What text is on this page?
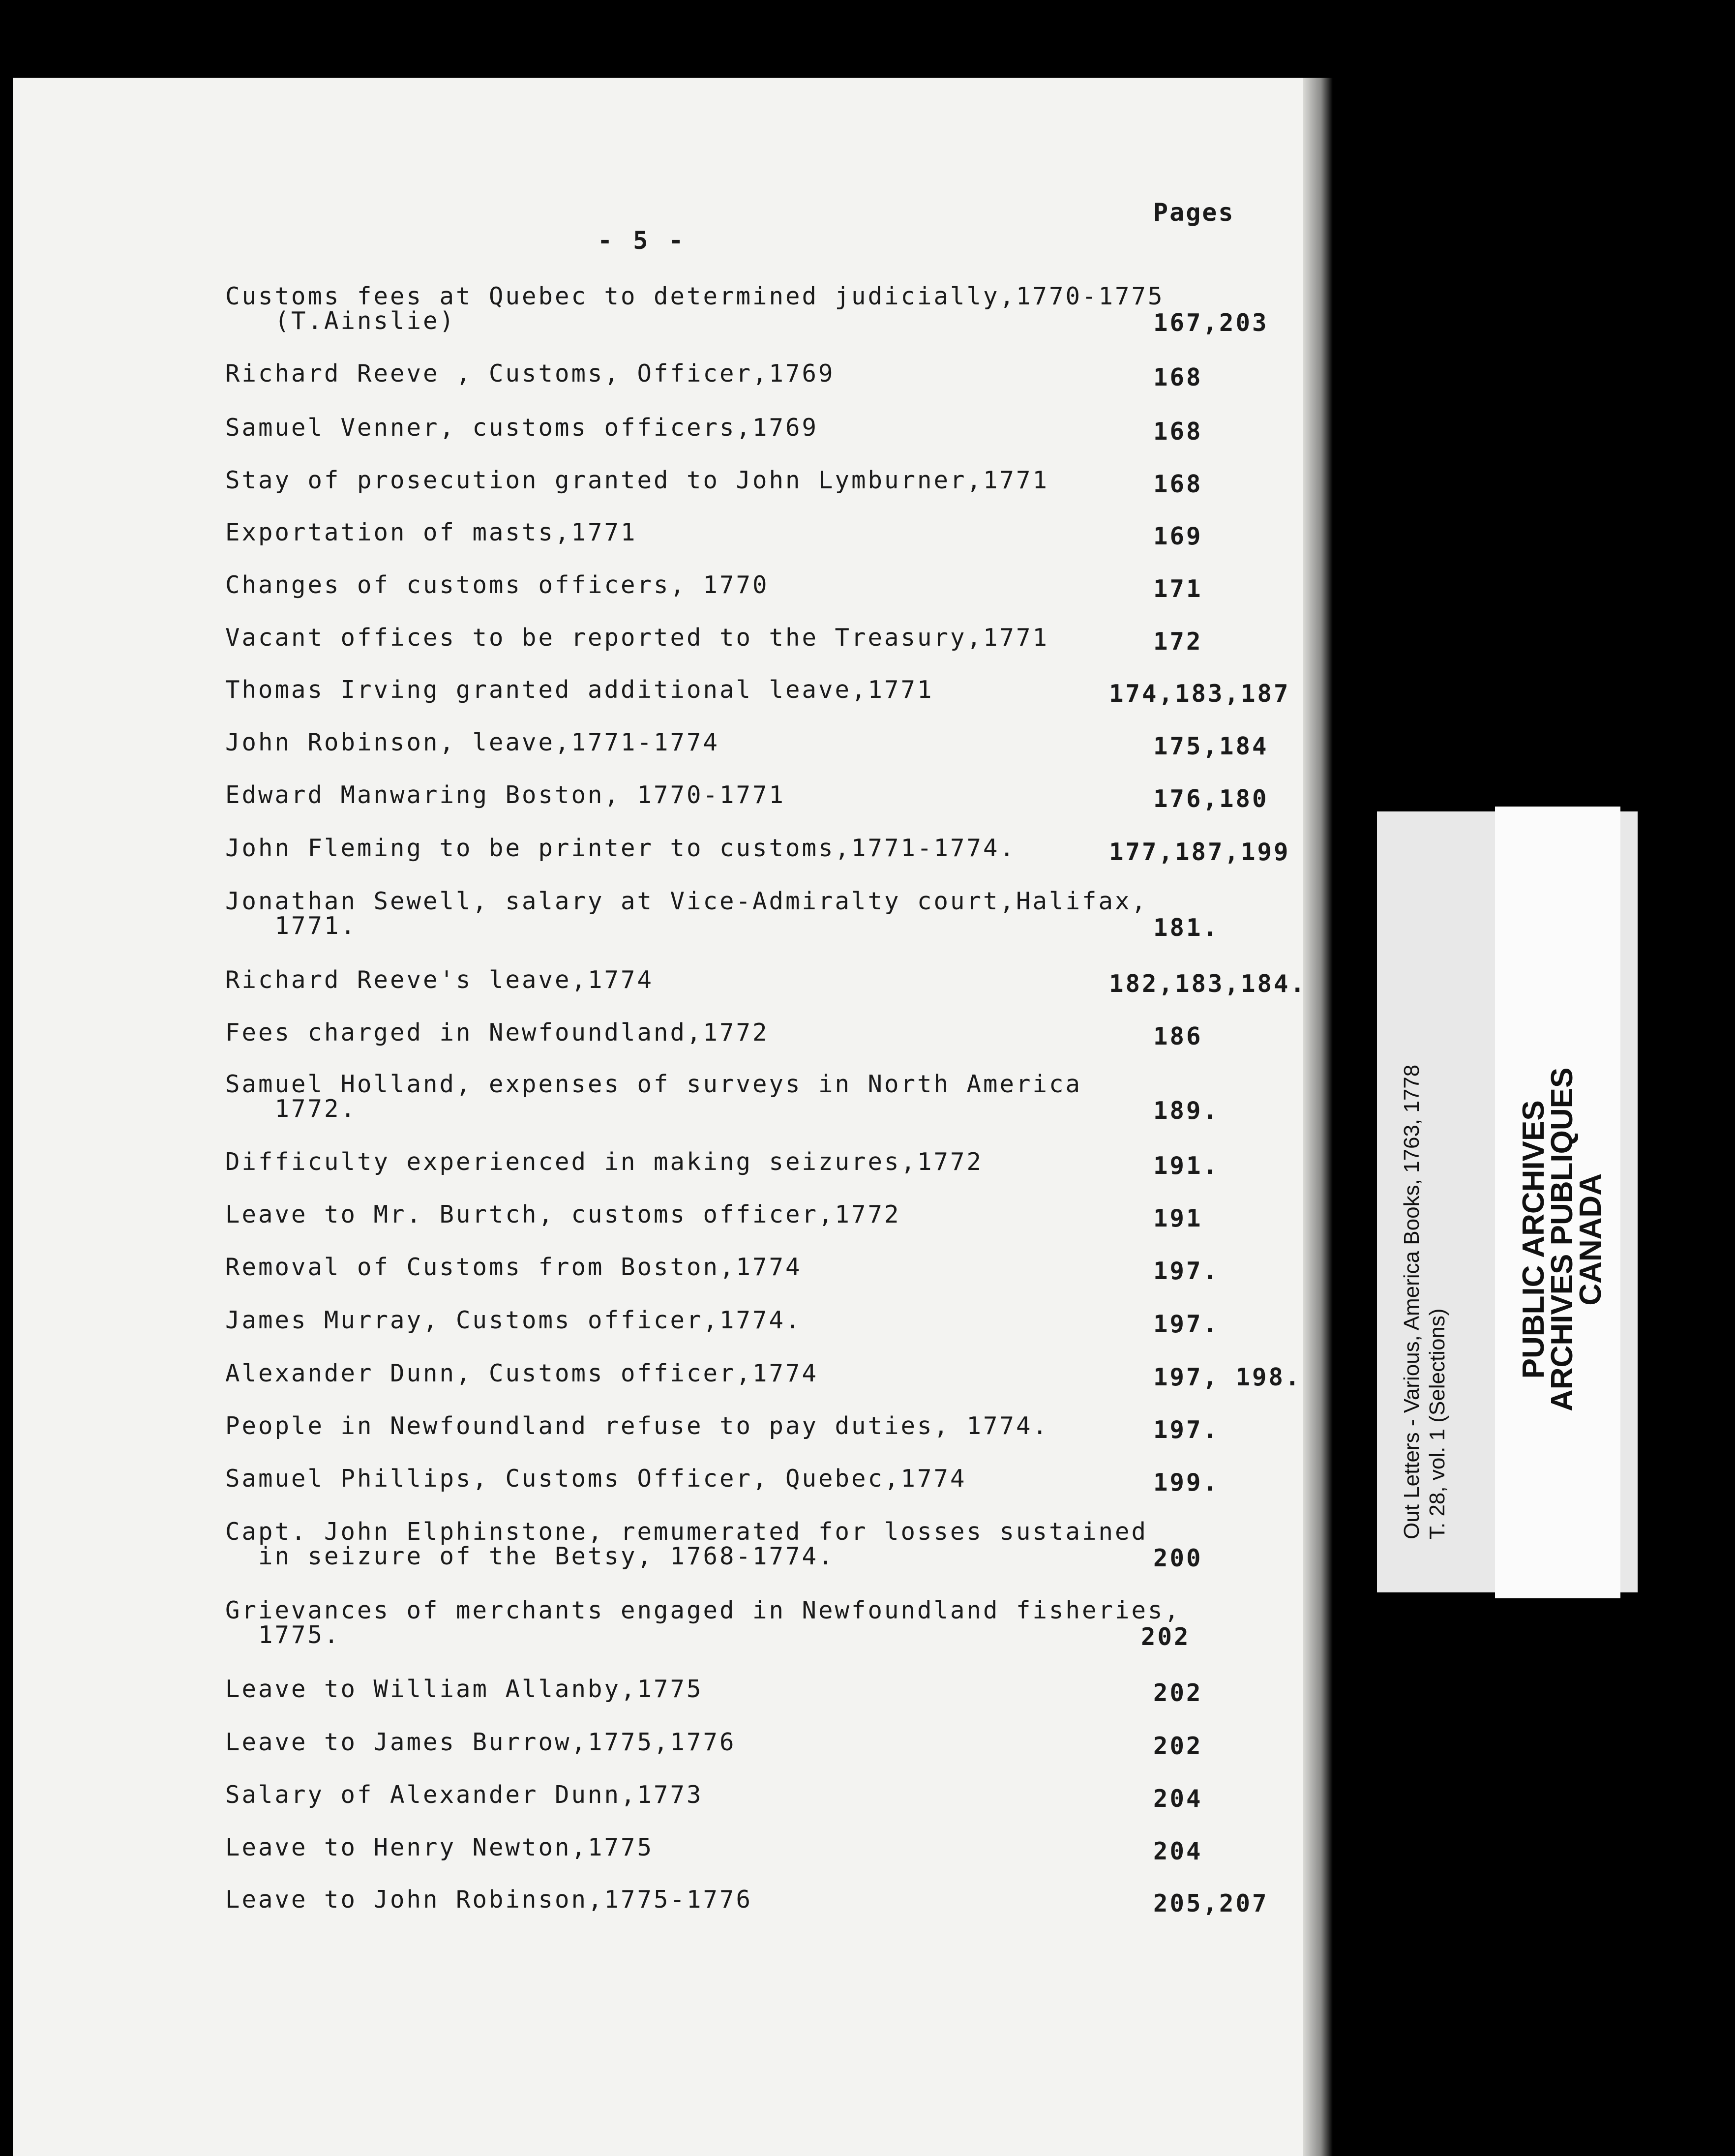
Pages
- 5 -
Customs fees at Quebec to determined judicially,1770-1775
(T.Ainslie)	167,203
Richard Reeve , Customs, Officer,1769	168
Samuel Venner, customs officers,1769	168
Stay of prosecution granted to John Lymburner,1771	168
Exportation of masts,1771	169
Changes of customs officers, 1770	171
Vacant offices to be reported to the Treasury,1771	172
Thomas Irving granted additional leave,1771	174,183,187
John Robinson, leave,1771-1774	175,184
Edward Manwaring Boston, 1770-1771	176,180
John Fleming to be printer to customs,1771-1774.	177,187,199
Jonathan Sewell, salary at Vice-Admiralty court,Halifax,
1771.	181.
Richard Reeve's leave,1774	182,183,184.
Fees charged in Newfoundland,1772	186
Samuel Holland, expenses of surveys in North America
1772.	189.
Difficulty experienced in making seizures,1772	191.
Leave to Mr. Burtch, customs officer,1772	191
Removal of Customs from Boston,1774	197.
James Murray, Customs officer,1774.	197.
Alexander Dunn, Customs officer,1774	197, 198.
People in Newfoundland refuse to pay duties, 1774.	197.
Samuel Phillips, Customs Officer, Quebec,1774	199.
Capt. John Elphinstone, remumerated for losses sustained
in seizure of the Betsy, 1768-1774.	200
Grievances of merchants engaged in Newfoundland fisheries,
1775.	202
Leave to William Allanby,1775	202
Leave to James Burrow,1775,1776	202
Salary of Alexander Dunn,1773	204
Leave to Henry Newton,1775	204
Leave to John Robinson,1775-1776	205,207
Out Letters - Various, America Books, 1763, 1778 T. 28, vol. 1 (Selections)
PUBLIC ARCHIVES
ARCHIVES PUBLIQUES
CANADA
